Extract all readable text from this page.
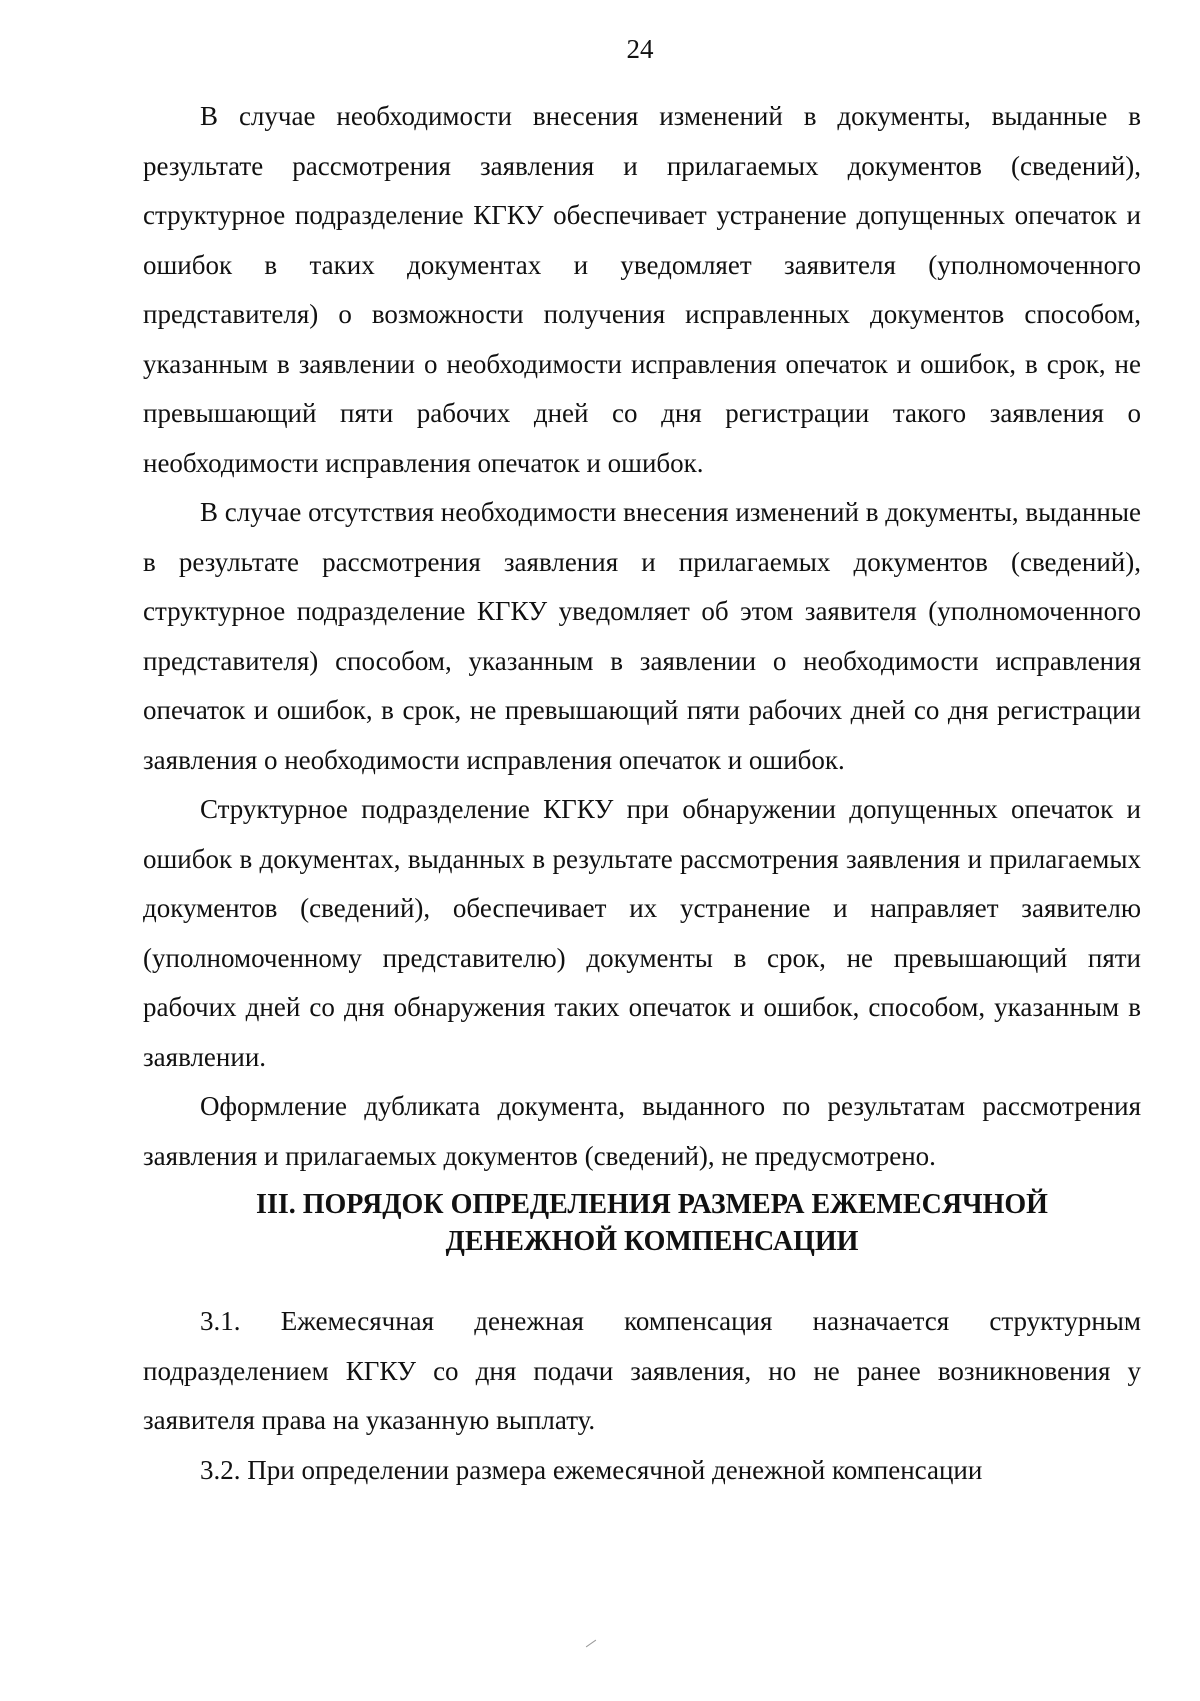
24

В случае необходимости внесения изменений в документы, выданные в результате рассмотрения заявления и прилагаемых документов (сведений), структурное подразделение КГКУ обеспечивает устранение допущенных опечаток и ошибок в таких документах и уведомляет заявителя (уполномоченного представителя) о возможности получения исправленных документов способом, указанным в заявлении о необходимости исправления опечаток и ошибок, в срок, не превышающий пяти рабочих дней со дня регистрации такого заявления о необходимости исправления опечаток и ошибок.

В случае отсутствия необходимости внесения изменений в документы, выданные в результате рассмотрения заявления и прилагаемых документов (сведений), структурное подразделение КГКУ уведомляет об этом заявителя (уполномоченного представителя) способом, указанным в заявлении о необходимости исправления опечаток и ошибок, в срок, не превышающий пяти рабочих дней со дня регистрации заявления о необходимости исправления опечаток и ошибок.

Структурное подразделение КГКУ при обнаружении допущенных опечаток и ошибок в документах, выданных в результате рассмотрения заявления и прилагаемых документов (сведений), обеспечивает их устранение и направляет заявителю (уполномоченному представителю) документы в срок, не превышающий пяти рабочих дней со дня обнаружения таких опечаток и ошибок, способом, указанным в заявлении.

Оформление дубликата документа, выданного по результатам рассмотрения заявления и прилагаемых документов (сведений), не предусмотрено.

III. ПОРЯДОК ОПРЕДЕЛЕНИЯ РАЗМЕРА ЕЖЕМЕСЯЧНОЙ
ДЕНЕЖНОЙ КОМПЕНСАЦИИ

3.1. Ежемесячная денежная компенсация назначается структурным подразделением КГКУ со дня подачи заявления, но не ранее возникновения у заявителя права на указанную выплату.

3.2. При определении размера ежемесячной денежной компенсации
